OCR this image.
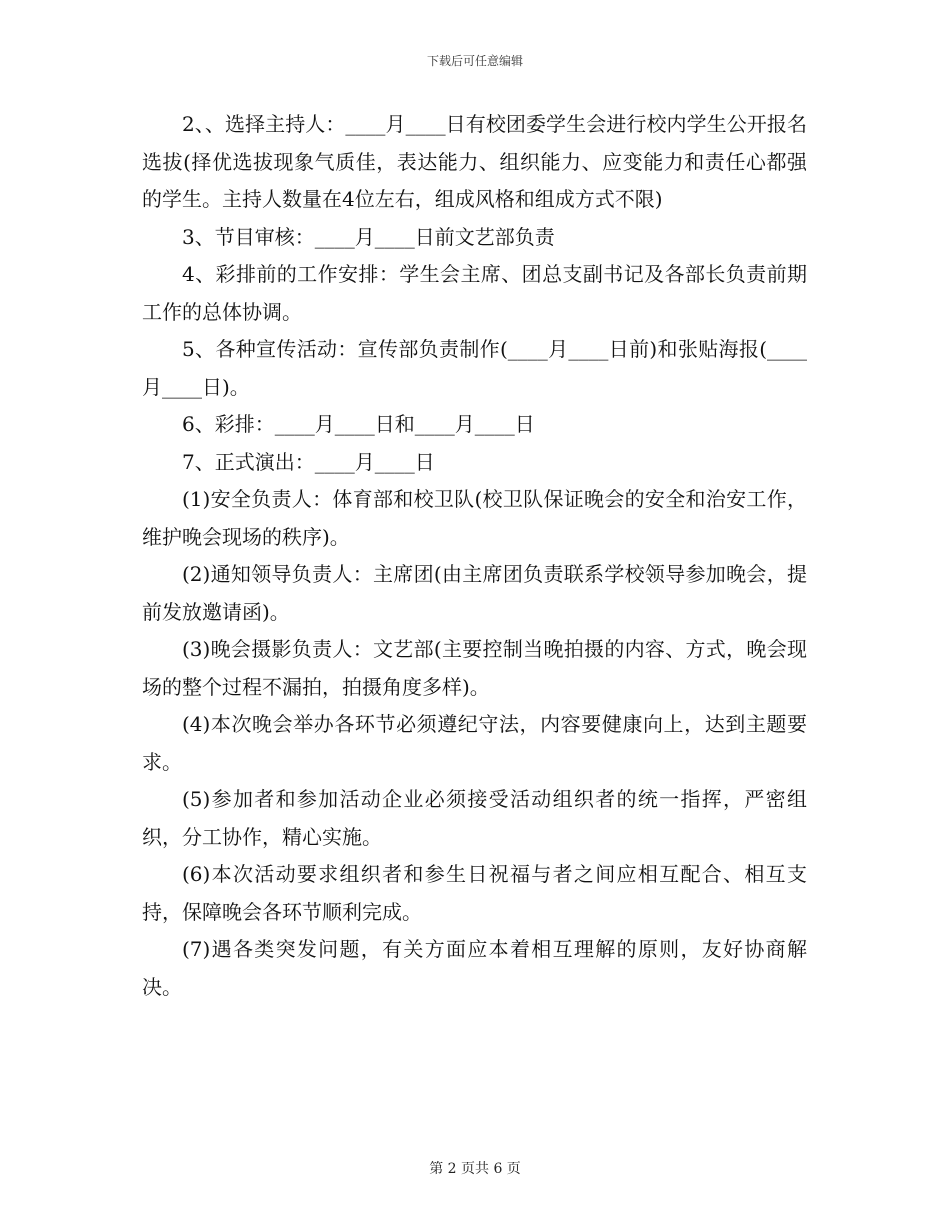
下载后可任意编辑

2、、选择主持人：____月____日有校团委学生会进行校内学生公开报名选拔(择优选拔现象气质佳，表达能力、组织能力、应变能力和责任心都强的学生。主持人数量在4位左右，组成风格和组成方式不限)

3、节目审核：____月____日前文艺部负责

4、彩排前的工作安排：学生会主席、团总支副书记及各部长负责前期工作的总体协调。

5、各种宣传活动：宣传部负责制作(____月____日前)和张贴海报(____月____日)。

6、彩排：____月____日和____月____日

7、正式演出：____月____日

(1)安全负责人：体育部和校卫队(校卫队保证晚会的安全和治安工作，维护晚会现场的秩序)。

(2)通知领导负责人：主席团(由主席团负责联系学校领导参加晚会，提前发放邀请函)。

(3)晚会摄影负责人：文艺部(主要控制当晚拍摄的内容、方式，晚会现场的整个过程不漏拍，拍摄角度多样)。

(4)本次晚会举办各环节必须遵纪守法，内容要健康向上，达到主题要求。

(5)参加者和参加活动企业必须接受活动组织者的统一指挥，严密组织，分工协作，精心实施。

(6)本次活动要求组织者和参生日祝福与者之间应相互配合、相互支持，保障晚会各环节顺利完成。

(7)遇各类突发问题，有关方面应本着相互理解的原则，友好协商解决。

第 2 页共 6 页
